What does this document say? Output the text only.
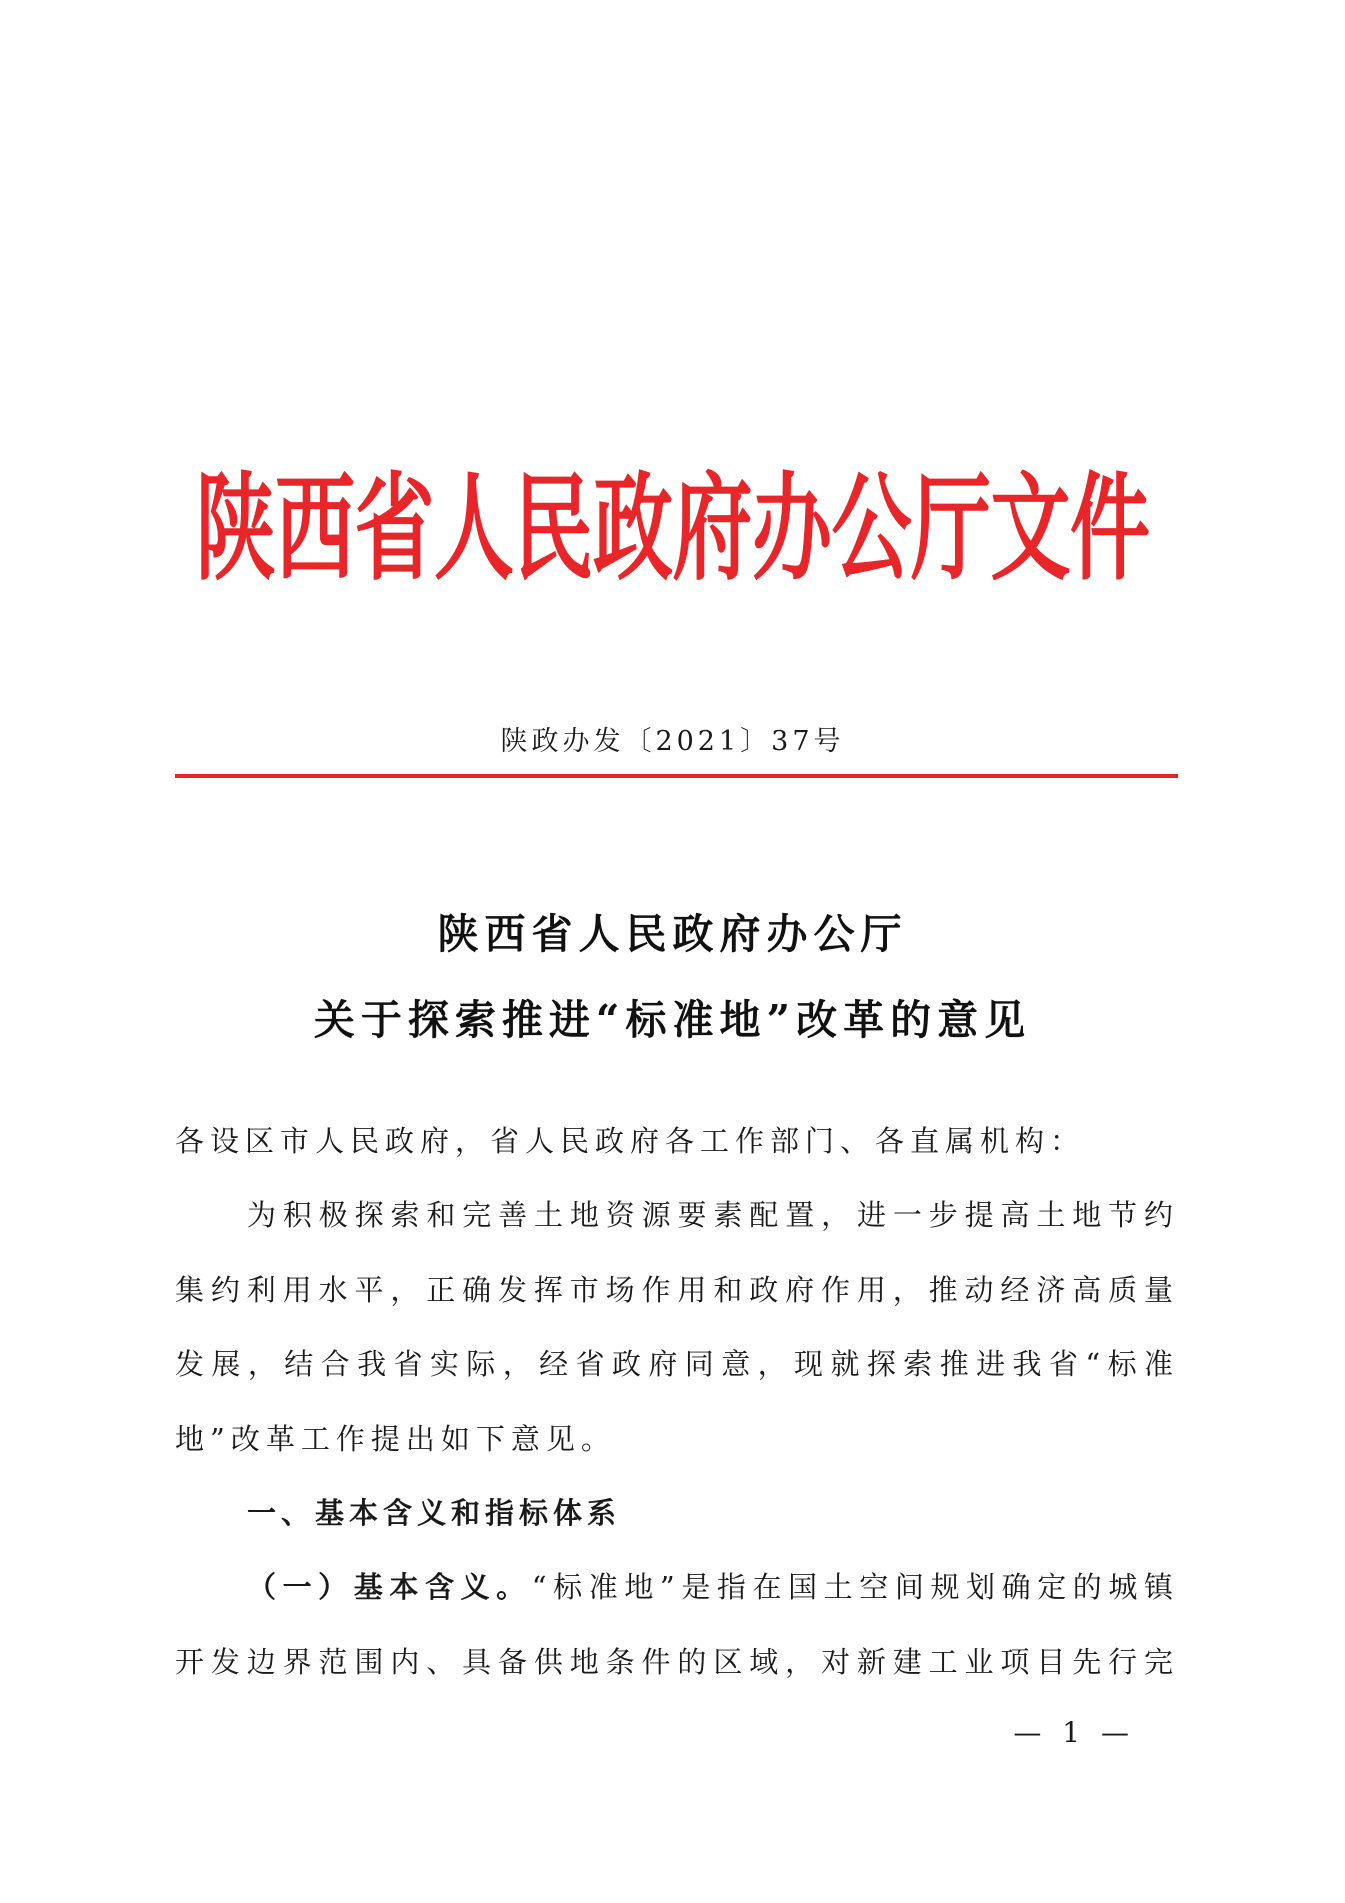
陕西省人民政府办公厅文件
陕政办发〔2021〕37号
陕西省人民政府办公厅
关于探索推进“标准地”改革的意见
各设区市人民政府，省人民政府各工作部门、各直属机构：
为积极探索和完善土地资源要素配置，进一步提高土地节约
集约利用水平，正确发挥市场作用和政府作用，推动经济高质量
发展，结合我省实际，经省政府同意，现就探索推进我省“标准
地”改革工作提出如下意见。
一、基本含义和指标体系
（一）基本含义。“标准地”是指在国土空间规划确定的城镇
开发边界范围内、具备供地条件的区域，对新建工业项目先行完
— 1 —
